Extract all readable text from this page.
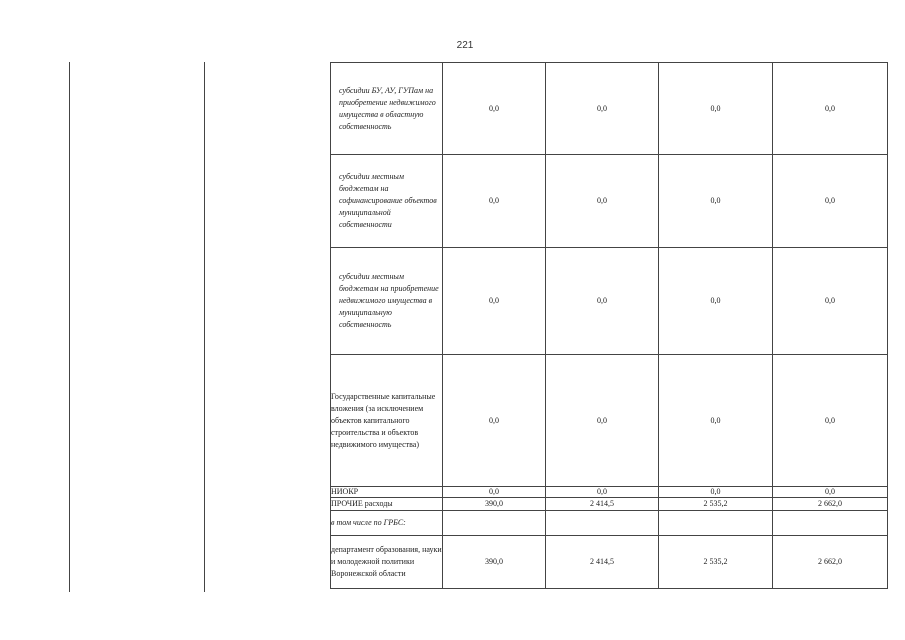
221
субсидии БУ, АУ, ГУПам на приобретение недвижимого имущества в областную собственность	0,0	0,0	0,0	0,0
субсидии местным бюджетам на софинансирование объектов муниципальной собственности	0,0	0,0	0,0	0,0
субсидии местным бюджетам на приобретение недвижимого имущества в муниципальную собственность	0,0	0,0	0,0	0,0
Государственные капитальные вложения (за исключением объектов капитального строительства и объектов недвижимого имущества)	0,0	0,0	0,0	0,0
НИОКР	0,0	0,0	0,0	0,0
ПРОЧИЕ расходы	390,0	2 414,5	2 535,2	2 662,0
в том числе по ГРБС:				
департамент образования, науки и молодежной политики Воронежской области	390,0	2 414,5	2 535,2	2 662,0
